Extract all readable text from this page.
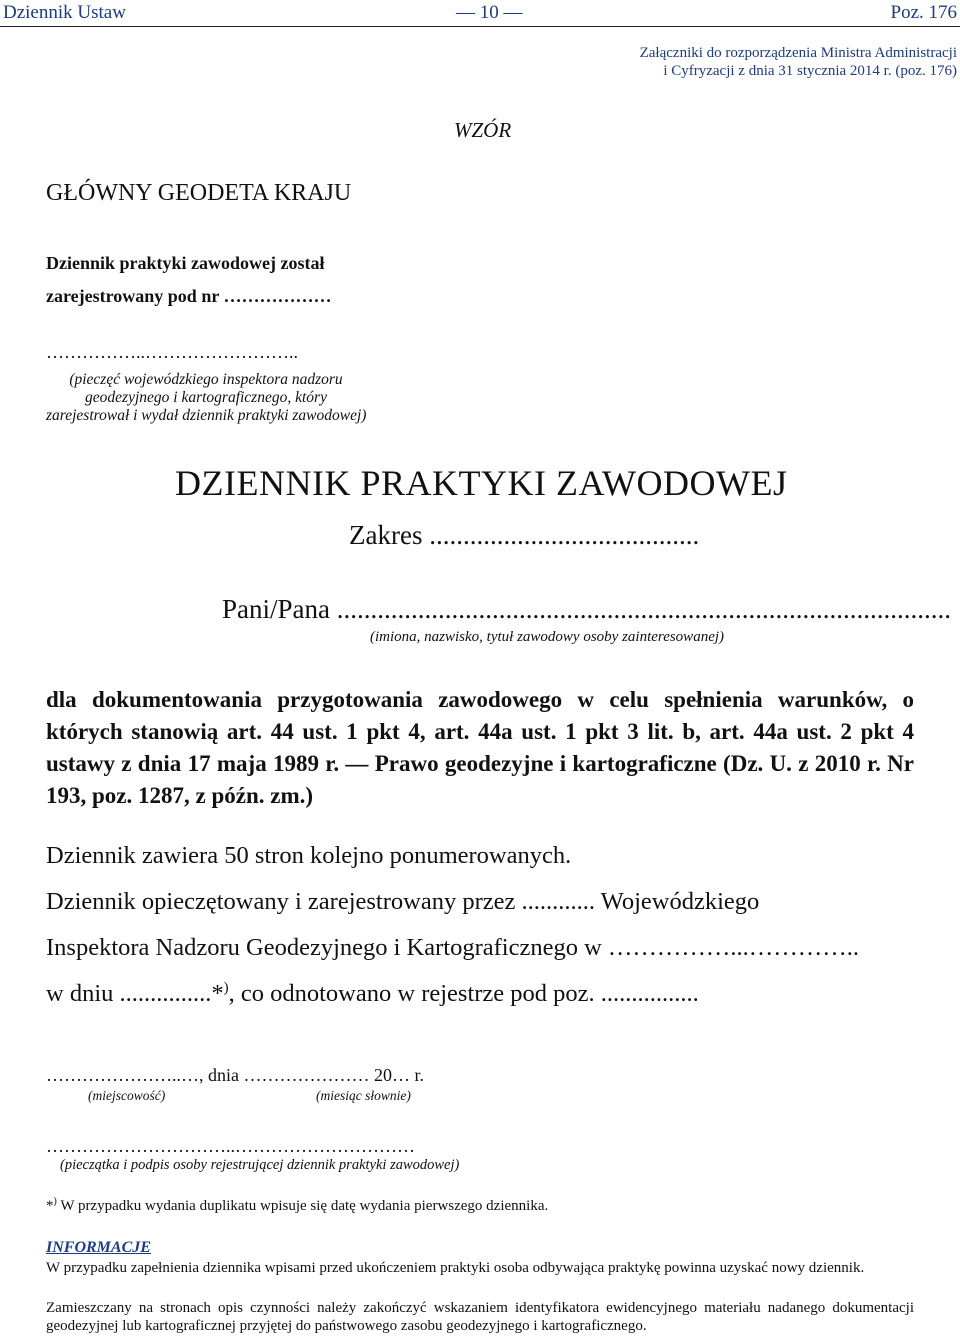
Dziennik Ustaw	— 10 —	Poz. 176
Załączniki do rozporządzenia Ministra Administracji
i Cyfryzacji z dnia 31 stycznia 2014 r. (poz. 176)
WZÓR
GŁÓWNY GEODETA KRAJU
Dziennik praktyki zawodowej został
zarejestrowany pod nr ………………
……………..……………………..
(pieczęć wojewódzkiego inspektora nadzoru
geodezyjnego i kartograficznego, który
zarejestrował i wydał dziennik praktyki zawodowej)
DZIENNIK PRAKTYKI ZAWODOWEJ
Zakres ........................................
Pani/Pana ...........................................................................................
(imiona, nazwisko, tytuł zawodowy osoby zainteresowanej)
dla dokumentowania przygotowania zawodowego w celu spełnienia warunków, o których stanowią art. 44 ust. 1 pkt 4, art. 44a ust. 1 pkt 3 lit. b, art. 44a ust. 2 pkt 4 ustawy z dnia 17 maja 1989 r. — Prawo geodezyjne i kartograficzne (Dz. U. z 2010 r. Nr 193, poz. 1287, z późn. zm.)
Dziennik zawiera 50 stron kolejno ponumerowanych.
Dziennik opieczętowany i zarejestrowany przez ............ Wojewódzkiego
Inspektora Nadzoru Geodezyjnego i Kartograficznego w ……………...…………..
w dniu ...............*), co odnotowano w rejestrze pod poz. ................
…………………..…, dnia ………………… 20… r.
(miejscowość)	(miesiąc słownie)
…………………………..…………………………
(pieczątka i podpis osoby rejestrującej dziennik praktyki zawodowej)
*) W przypadku wydania duplikatu wpisuje się datę wydania pierwszego dziennika.
INFORMACJE
W przypadku zapełnienia dziennika wpisami przed ukończeniem praktyki osoba odbywająca praktykę powinna uzyskać nowy dziennik.
Zamieszczany na stronach opis czynności należy zakończyć wskazaniem identyfikatora ewidencyjnego materiału nadanego dokumentacji geodezyjnej lub kartograficznej przyjętej do państwowego zasobu geodezyjnego i kartograficznego.
